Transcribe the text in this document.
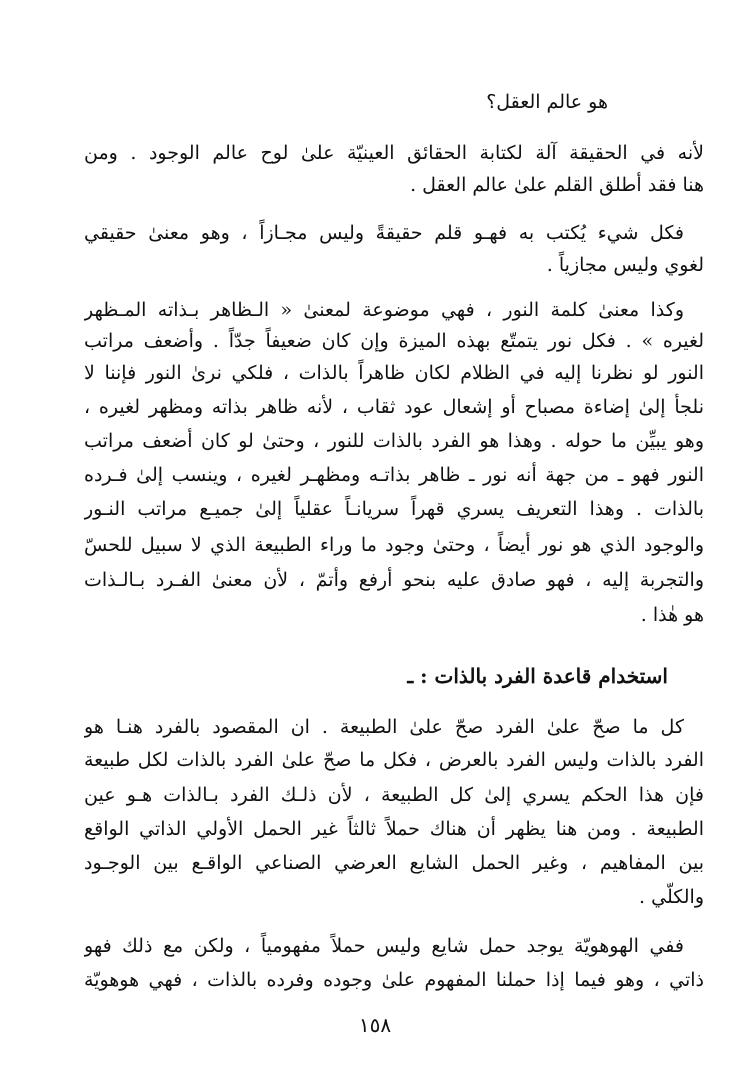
هو عالم العقل؟
لأنه في الحقيقة آلة لكتابة الحقائق العينيّة علىٰ لوح عالم الوجود . ومن
هنا فقد أطلق القلم علىٰ عالم العقل .
فكل شيء يُكتب به فهـو قلم حقيقةً وليس مجـازاً ، وهو معنىٰ حقيقي
لغوي وليس مجازياً .
وكذا معنىٰ كلمة النور ، فهي موضوعة لمعنىٰ « الـظاهر بـذاته المـظهر
لغيره » . فكل نور يتمتّع بهذه الميزة وإن كان ضعيفاً جدّاً . وأضعف مراتب
النور لو نظرنا إليه في الظلام لكان ظاهراً بالذات ، فلكي نرىٰ النور فإننا لا
نلجأ إلىٰ إضاءة مصباح أو إشعال عود ثقاب ، لأنه ظاهر بذاته ومظهر لغيره ،
وهو يبيِّن ما حوله . وهذا هو الفرد بالذات للنور ، وحتىٰ لو كان أضعف مراتب
النور فهو ـ من جهة أنه نور ـ ظاهر بذاتـه ومظهـر لغيره ، وينسب إلىٰ فـرده
بالذات . وهذا التعريف يسري قهراً سريانـاً عقلياً إلىٰ جميـع مراتب النـور
والوجود الذي هو نور أيضاً ، وحتىٰ وجود ما وراء الطبيعة الذي لا سبيل للحسّ
والتجربة إليه ، فهو صادق عليه بنحو أرفع وأتمّ ، لأن معنىٰ الفـرد بـالـذات
هو هٰذا .
استخدام قاعدة الفرد بالذات : ـ
كل ما صحّ علىٰ الفرد صحّ علىٰ الطبيعة . ان المقصود بالفرد هنـا هو
الفرد بالذات وليس الفرد بالعرض ، فكل ما صحّ علىٰ الفرد بالذات لكل طبيعة
فإن هذا الحكم يسري إلىٰ كل الطبيعة ، لأن ذلـك الفرد بـالذات هـو عين
الطبيعة . ومن هنا يظهر أن هناك حملاً ثالثاً غير الحمل الأولي الذاتي الواقع
بين المفاهيم ، وغير الحمل الشايع العرضي الصناعي الواقـع بين الوجـود
والكلّي .
ففي الهوهويّة يوجد حمل شايع وليس حملاً مفهومياً ، ولكن مع ذلك فهو
ذاتي ، وهو فيما إذا حملنا المفهوم علىٰ وجوده وفرده بالذات ، فهي هوهويّة
١٥٨
